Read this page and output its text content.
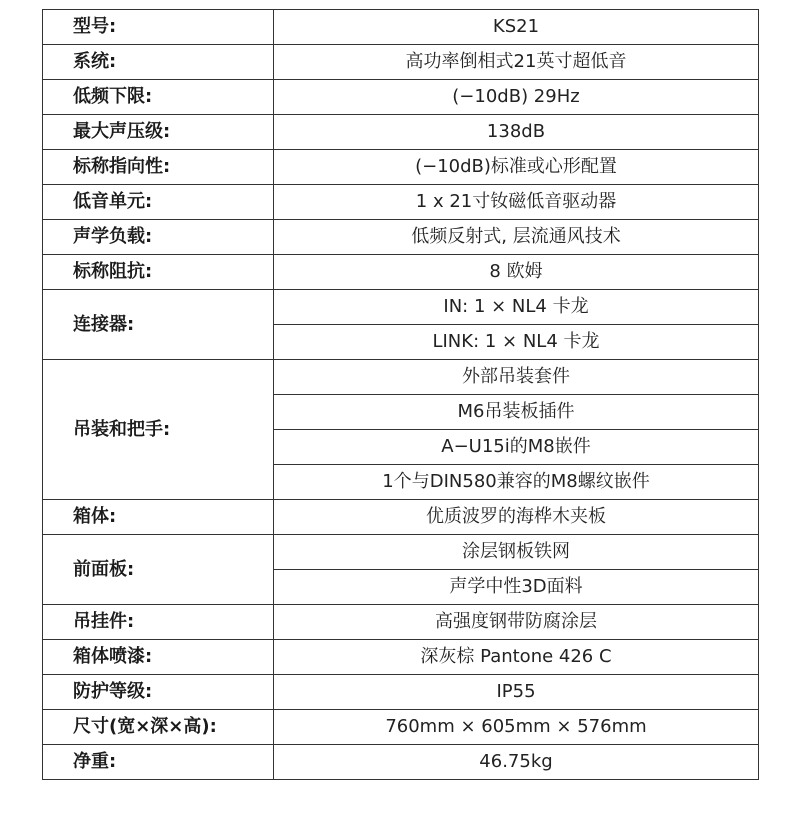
型号:	KS21
系统:	高功率倒相式21英寸超低音
低频下限:	(−10dB) 29Hz
最大声压级:	138dB
标称指向性:	(−10dB)标准或心形配置
低音单元:	1 x 21寸钕磁低音驱动器
声学负载:	低频反射式, 层流通风技术
标称阻抗:	8 欧姆
连接器:	IN: 1 × NL4 卡龙
	LINK: 1 × NL4 卡龙
吊装和把手:	外部吊装套件
	M6吊装板插件
	A−U15i的M8嵌件
	1个与DIN580兼容的M8螺纹嵌件
箱体:	优质波罗的海桦木夹板
前面板:	涂层钢板铁网
	声学中性3D面料
吊挂件:	高强度钢带防腐涂层
箱体喷漆:	深灰棕 Pantone 426 C
防护等级:	IP55
尺寸(宽×深×高):	760mm × 605mm × 576mm
净重:	46.75kg
